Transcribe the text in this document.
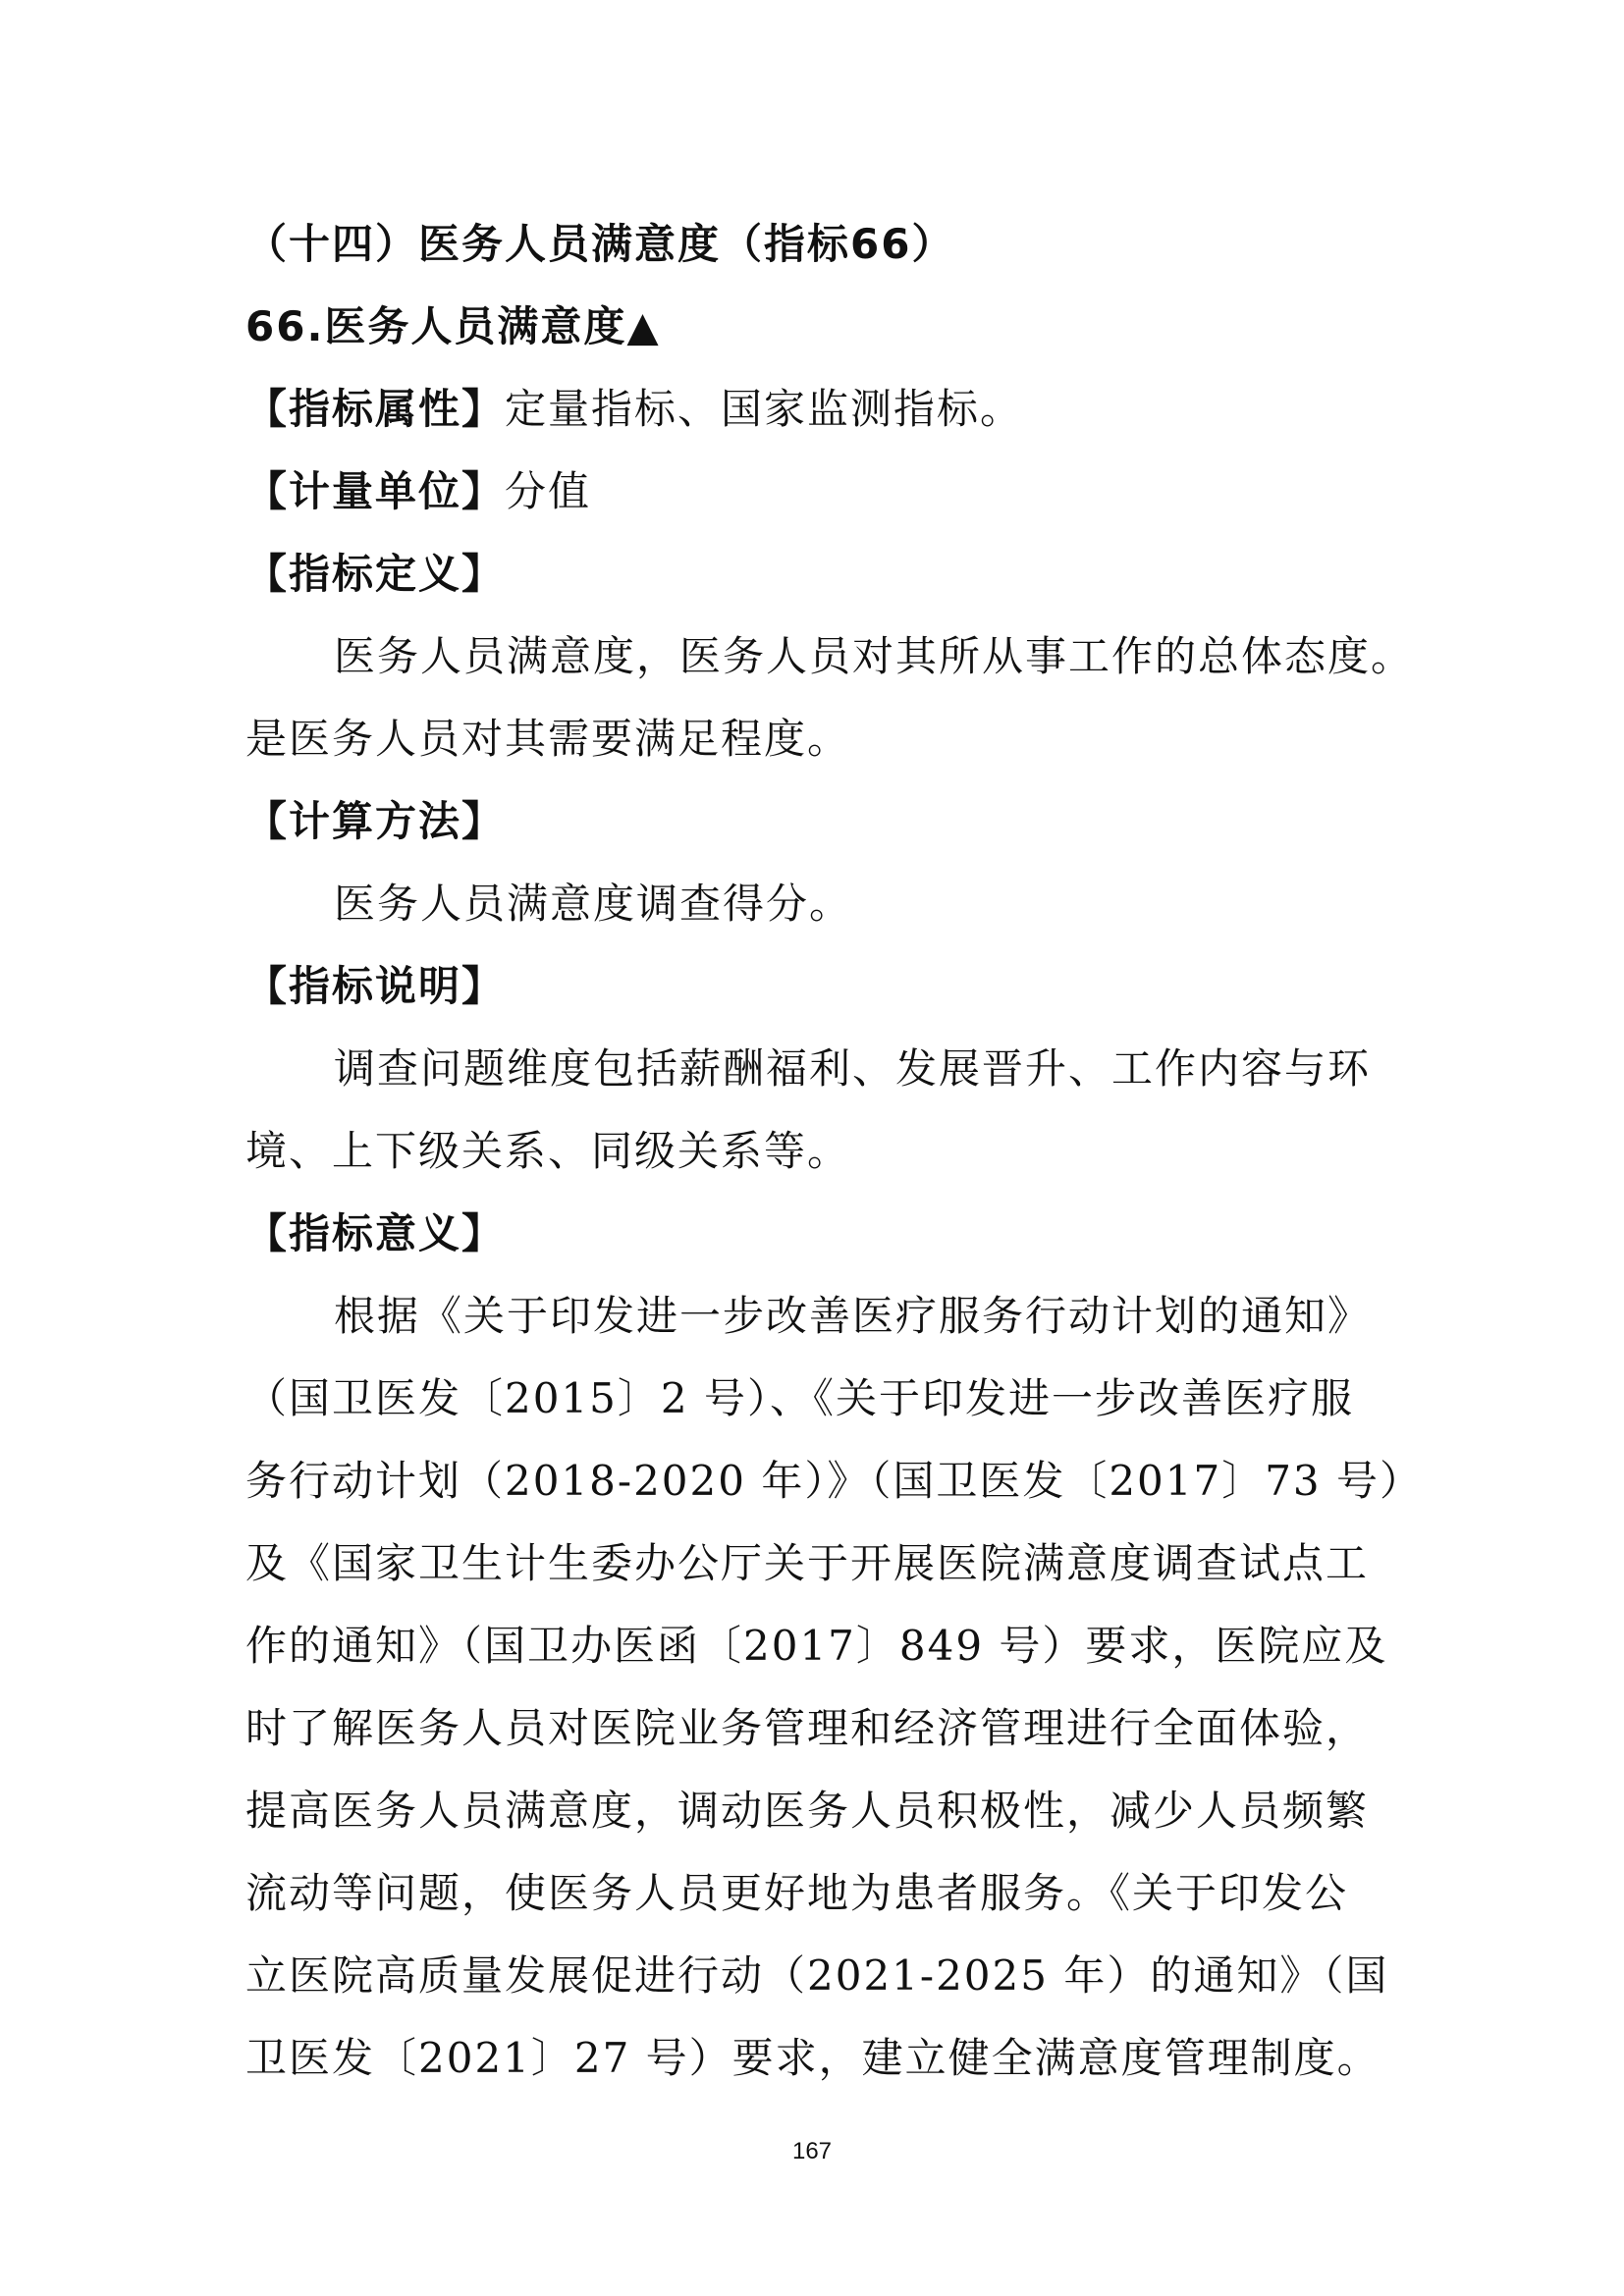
（十四）医务人员满意度（指标66）
66.医务人员满意度▲
【指标属性】定量指标、国家监测指标。
【计量单位】分值
【指标定义】
医务人员满意度，医务人员对其所从事工作的总体态度。
是医务人员对其需要满足程度。
【计算方法】
医务人员满意度调查得分。
【指标说明】
调查问题维度包括薪酬福利、发展晋升、工作内容与环
境、上下级关系、同级关系等。
【指标意义】
根据《关于印发进一步改善医疗服务行动计划的通知》
（国卫医发〔2015〕2 号）、《关于印发进一步改善医疗服
务行动计划（2018-2020 年）》（国卫医发〔2017〕73 号）
及《国家卫生计生委办公厅关于开展医院满意度调查试点工
作的通知》（国卫办医函〔2017〕849 号）要求，医院应及
时了解医务人员对医院业务管理和经济管理进行全面体验，
提高医务人员满意度，调动医务人员积极性，减少人员频繁
流动等问题，使医务人员更好地为患者服务。《关于印发公
立医院高质量发展促进行动（2021-2025 年）的通知》（国
卫医发〔2021〕27 号）要求，建立健全满意度管理制度。
167
